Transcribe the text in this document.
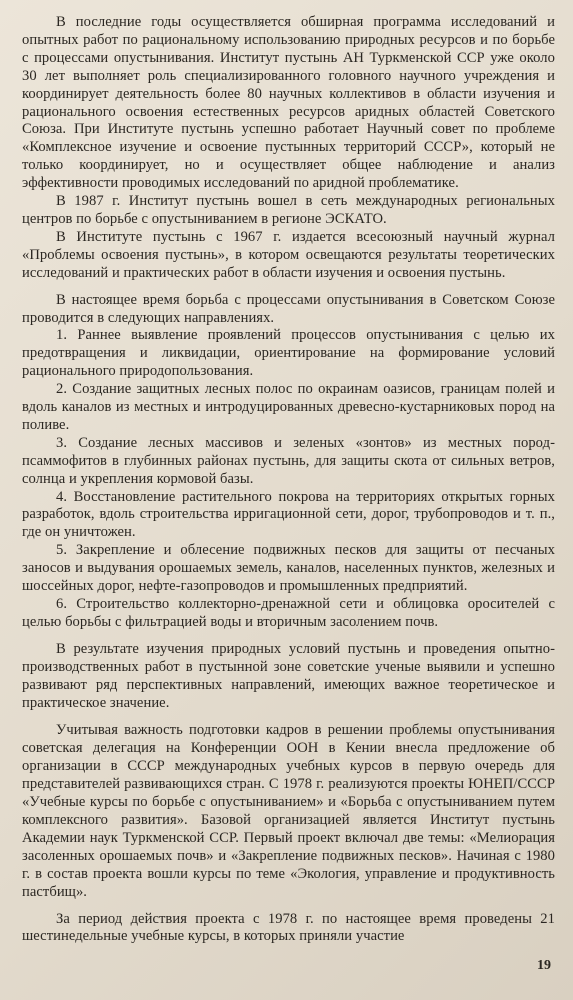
В последние годы осуществляется обширная программа исследований и опытных работ по рациональному использованию природных ресурсов и по борьбе с процессами опустынивания. Институт пустынь АН Туркменской ССР уже около 30 лет выполняет роль специализированного головного научного учреждения и координирует деятельность более 80 научных коллективов в области изучения и рационального освоения естественных ресурсов аридных областей Советского Союза. При Институте пустынь успешно работает Научный совет по проблеме «Комплексное изучение и освоение пустынных территорий СССР», который не только координирует, но и осуществляет общее наблюдение и анализ эффективности проводимых исследований по аридной проблематике.

В 1987 г. Институт пустынь вошел в сеть международных региональных центров по борьбе с опустыниванием в регионе ЭСКАТО.

В Институте пустынь с 1967 г. издается всесоюзный научный журнал «Проблемы освоения пустынь», в котором освещаются результаты теоретических исследований и практических работ в области изучения и освоения пустынь.

В настоящее время борьба с процессами опустынивания в Советском Союзе проводится в следующих направлениях.

1. Раннее выявление проявлений процессов опустынивания с целью их предотвращения и ликвидации, ориентирование на формирование условий рационального природопользования.

2. Создание защитных лесных полос по окраинам оазисов, границам полей и вдоль каналов из местных и интродуцированных древесно-кустарниковых пород на поливе.

3. Создание лесных массивов и зеленых «зонтов» из местных пород-псаммофитов в глубинных районах пустынь, для защиты скота от сильных ветров, солнца и укрепления кормовой базы.

4. Восстановление растительного покрова на территориях открытых горных разработок, вдоль строительства ирригационной сети, дорог, трубопроводов и т. п., где он уничтожен.

5. Закрепление и облесение подвижных песков для защиты от песчаных заносов и выдувания орошаемых земель, каналов, населенных пунктов, железных и шоссейных дорог, нефте-газопроводов и промышленных предприятий.

6. Строительство коллекторно-дренажной сети и облицовка оросителей с целью борьбы с фильтрацией воды и вторичным засолением почв.

В результате изучения природных условий пустынь и проведения опытно-производственных работ в пустынной зоне советские ученые выявили и успешно развивают ряд перспективных направлений, имеющих важное теоретическое и практическое значение.

Учитывая важность подготовки кадров в решении проблемы опустынивания советская делегация на Конференции ООН в Кении внесла предложение об организации в СССР международных учебных курсов в первую очередь для представителей развивающихся стран. С 1978 г. реализуются проекты ЮНЕП/СССР «Учебные курсы по борьбе с опустыниванием» и «Борьба с опустыниванием путем комплексного развития». Базовой организацией является Институт пустынь Академии наук Туркменской ССР. Первый проект включал две темы: «Мелиорация засоленных орошаемых почв» и «Закрепление подвижных песков». Начиная с 1980 г. в состав проекта вошли курсы по теме «Экология, управление и продуктивность пастбищ».

За период действия проекта с 1978 г. по настоящее время проведены 21 шестинедельные учебные курсы, в которых приняли участие

19
